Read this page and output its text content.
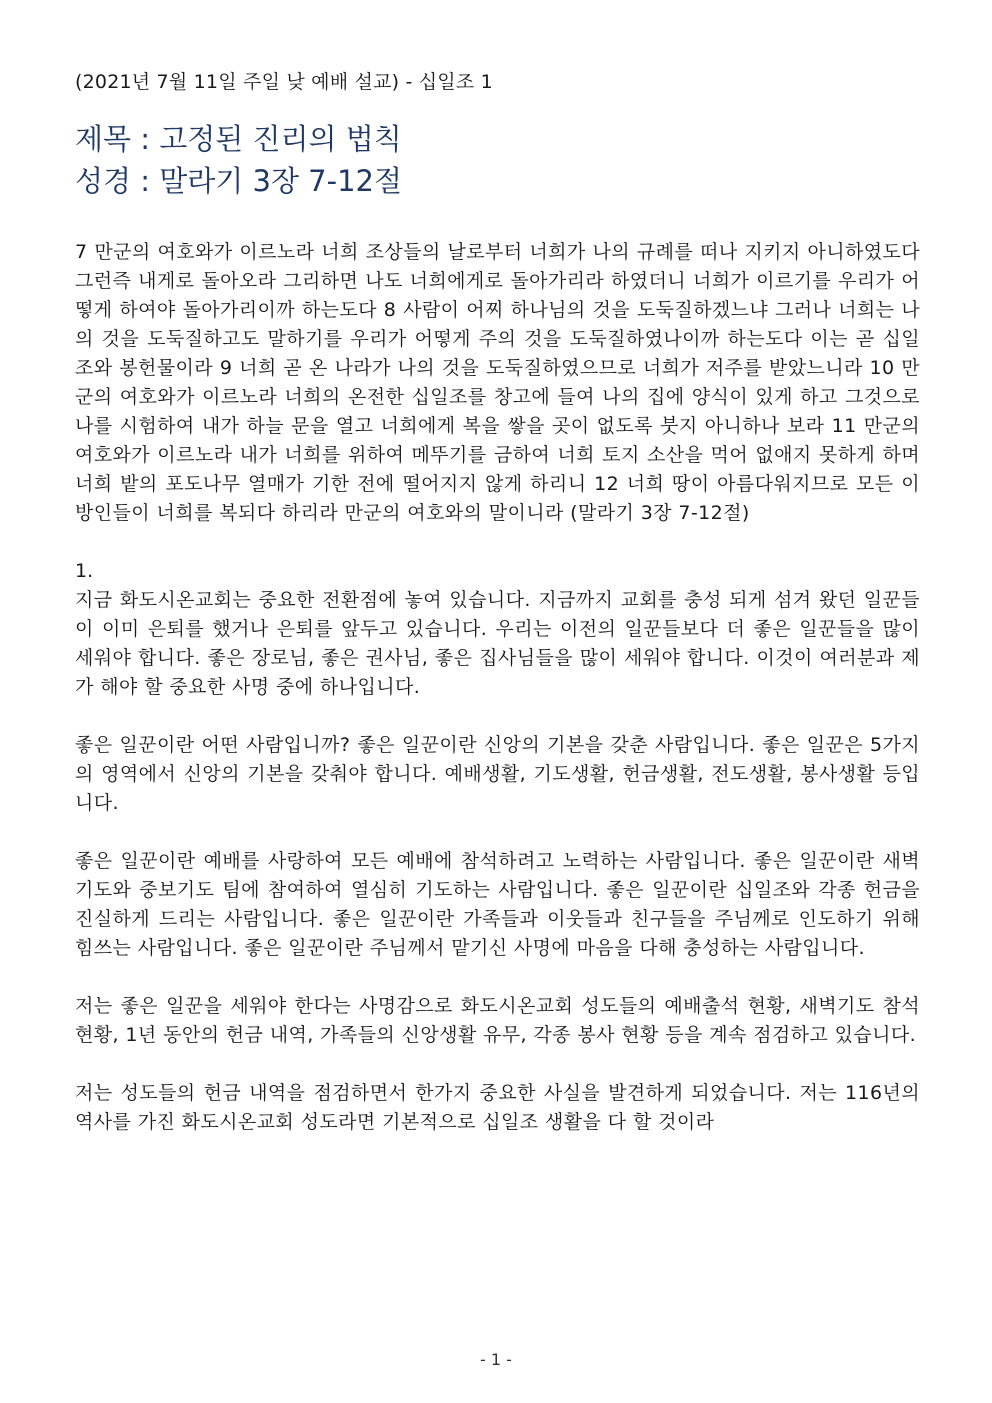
(2021년 7월 11일 주일 낮 예배 설교) - 십일조 1
제목 : 고정된 진리의 법칙
성경 : 말라기 3장 7-12절

7 만군의 여호와가 이르노라 너희 조상들의 날로부터 너희가 나의 규례를 떠나 지키지 아니하였도다 그런즉 내게로 돌아오라 그리하면 나도 너희에게로 돌아가리라 하였더니 너희가 이르기를 우리가 어떻게 하여야 돌아가리이까 하는도다 8 사람이 어찌 하나님의 것을 도둑질하겠느냐 그러나 너희는 나의 것을 도둑질하고도 말하기를 우리가 어떻게 주의 것을 도둑질하였나이까 하는도다 이는 곧 십일조와 봉헌물이라 9 너희 곧 온 나라가 나의 것을 도둑질하였으므로 너희가 저주를 받았느니라 10 만군의 여호와가 이르노라 너희의 온전한 십일조를 창고에 들여 나의 집에 양식이 있게 하고 그것으로 나를 시험하여 내가 하늘 문을 열고 너희에게 복을 쌓을 곳이 없도록 붓지 아니하나 보라 11 만군의 여호와가 이르노라 내가 너희를 위하여 메뚜기를 금하여 너희 토지 소산을 먹어 없애지 못하게 하며 너희 밭의 포도나무 열매가 기한 전에 떨어지지 않게 하리니 12 너희 땅이 아름다워지므로 모든 이방인들이 너희를 복되다 하리라 만군의 여호와의 말이니라 (말라기 3장 7-12절)

1.

지금 화도시온교회는 중요한 전환점에 놓여 있습니다. 지금까지 교회를 충성 되게 섬겨 왔던 일꾼들이 이미 은퇴를 했거나 은퇴를 앞두고 있습니다. 우리는 이전의 일꾼들보다 더 좋은 일꾼들을 많이 세워야 합니다. 좋은 장로님, 좋은 권사님, 좋은 집사님들을 많이 세워야 합니다. 이것이 여러분과 제가 해야 할 중요한 사명 중에 하나입니다.

좋은 일꾼이란 어떤 사람입니까? 좋은 일꾼이란 신앙의 기본을 갖춘 사람입니다. 좋은 일꾼은 5가지의 영역에서 신앙의 기본을 갖춰야 합니다. 예배생활, 기도생활, 헌금생활, 전도생활, 봉사생활 등입니다.

좋은 일꾼이란 예배를 사랑하여 모든 예배에 참석하려고 노력하는 사람입니다. 좋은 일꾼이란 새벽기도와 중보기도 팀에 참여하여 열심히 기도하는 사람입니다. 좋은 일꾼이란 십일조와 각종 헌금을 진실하게 드리는 사람입니다. 좋은 일꾼이란 가족들과 이웃들과 친구들을 주님께로 인도하기 위해 힘쓰는 사람입니다. 좋은 일꾼이란 주님께서 맡기신 사명에 마음을 다해 충성하는 사람입니다.

저는 좋은 일꾼을 세워야 한다는 사명감으로 화도시온교회 성도들의 예배출석 현황, 새벽기도 참석 현황, 1년 동안의 헌금 내역, 가족들의 신앙생활 유무, 각종 봉사 현황 등을 계속 점검하고 있습니다.

저는 성도들의 헌금 내역을 점검하면서 한가지 중요한 사실을 발견하게 되었습니다. 저는 116년의 역사를 가진 화도시온교회 성도라면 기본적으로 십일조 생활을 다 할 것이라

- 1 -
